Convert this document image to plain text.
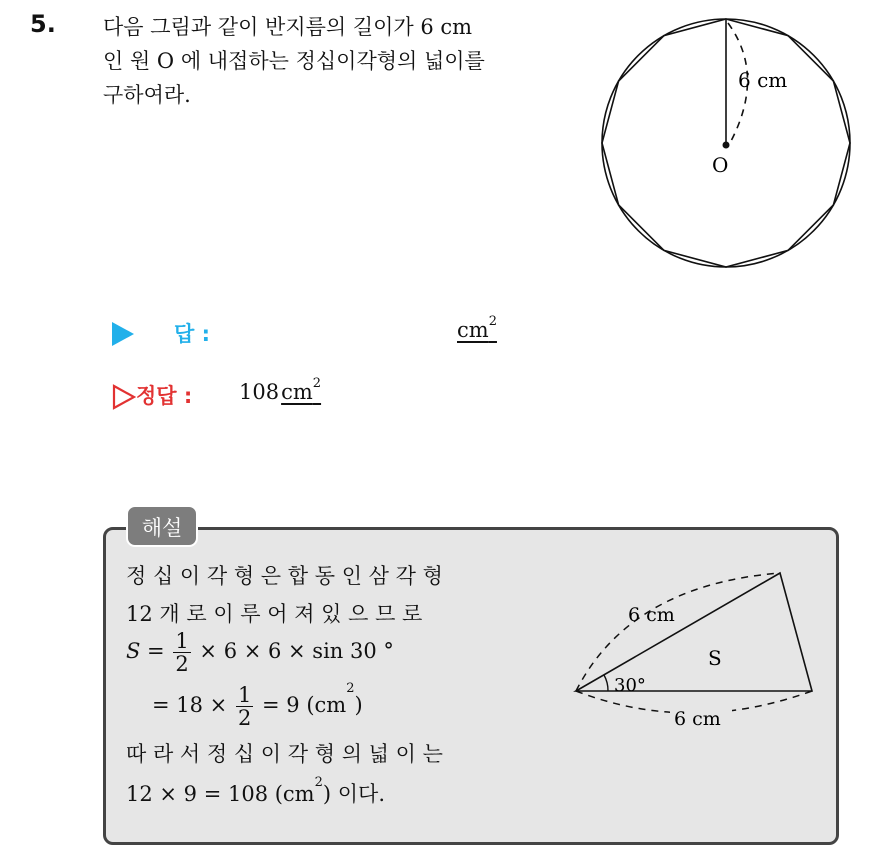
5. 다음 그림과 같이 반지름의 길이가 6 cm
인 원 O 에 내접하는 정십이각형의 넓이를
구하여라.
6 cm
O
답 :	$cm^2$
정답 : $108cm^2$
해설
정 십 이 각 형 은 합 동 인 삼 각 형
12 개 로 이 루 어 져 있 으 므 로
$S = \frac{1}{2} \times 6 \times 6 \times \sin 30$ °
= $18 \times \frac{1}{2} = 9$ $(cm^2)$
따 라 서 정 십 이 각 형 의 넓 이 는
12 × 9 = 108 $(cm^2)$ 이다.
6 cm
S
30°
6 cm
